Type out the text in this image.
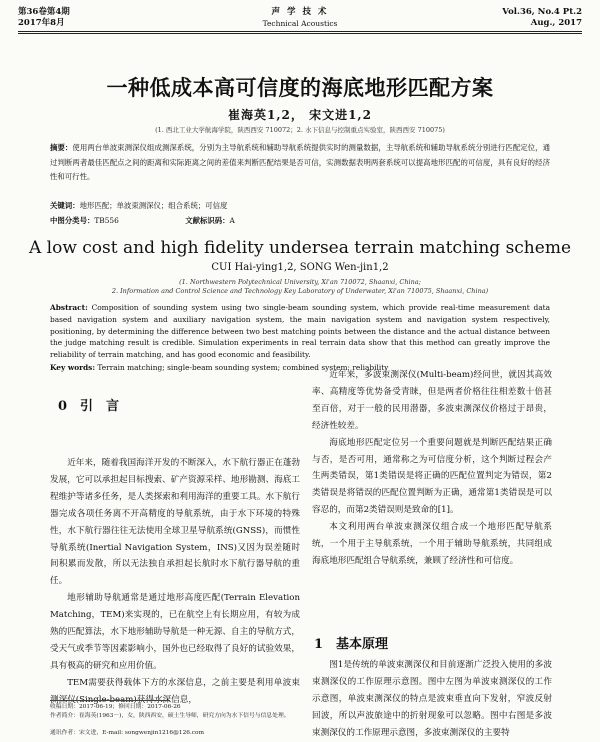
第36卷第4期
2017年8月
声 学 技 术
Technical Acoustics
Vol.36, No.4 Pt.2
Aug., 2017
一种低成本高可信度的海底地形匹配方案
崔海英1,2， 宋文进1,2
(1. 西北工业大学航海学院，陕西西安 710072；2. 水下信息与控制重点实验室，陕西西安 710075)
摘要：使用两台单波束测深仪组成测深系统，分别为主导航系统和辅助导航系统提供实时的测量数据，主导航系统和辅助导航系统分别进行匹配定位，通过判断两者最佳匹配点之间的距离和实际距离之间的差值来判断匹配结果是否可信，实测数据表明两套系统可以提高地形匹配的可信度，具有良好的经济性和可行性。
关键词：地形匹配；单波束测深仪；组合系统；可信度
中图分类号：TB556	文献标识码：A
A low cost and high fidelity undersea terrain matching scheme
CUI Hai-ying1,2, SONG Wen-jin1,2
(1. Northwestern Polytechnical University, Xi'an 710072, Shaanxi, China;
2. Information and Control Science and Technology Key Laboratory of Underwater, Xi'an 710075, Shaanxi, China)
Abstract: Composition of sounding system using two single-beam sounding system, which provide real-time measurement data based navigation system and auxiliary navigation system, the main navigation system and navigation system respectively, positioning, by determining the difference between two best matching points between the distance and the actual distance between the judge matching result is credible. Simulation experiments in real terrain data show that this method can greatly improve the reliability of terrain matching, and has good economic and feasibility.
Key words: Terrain matching; single-beam sounding system; combined system; reliability
0　引　言

近年来，随着我国海洋开发的不断深入，水下航行器正在蓬勃发展，它可以承担起目标搜索、矿产资源采样、地形勘测、海底工程维护等诸多任务，是人类探索和利用海洋的重要工具。水下航行器完成各项任务离不开高精度的导航系统，由于水下环境的特殊性，水下航行器往往无法使用全球卫星导航系统(GNSS)，而惯性导航系统(Inertial Navigation System，INS)又因为误差随时间积累而发散，所以无法独自承担起长航时水下航行器导航的重任。

地形辅助导航通常是通过地形高度匹配(Terrain Elevation Matching，TEM)来实现的，已在航空上有长期应用，有较为成熟的匹配算法，水下地形辅助导航是一种无源、自主的导航方式，受天气或季节等因素影响小，国外也已经取得了良好的试验效果，具有极高的研究和应用价值。

TEM需要获得载体下方的水深信息，之前主要是利用单波束测深仪(Single-beam)获得水深信息，

近年来，多波束测深仪(Multi-beam)经问世，就因其高效率、高精度等优势备受青睐，但是两者价格往往相差数十倍甚至百倍，对于一般的民用潜器，多波束测深仪价格过于昂贵，经济性较差。

海底地形匹配定位另一个重要问题就是判断匹配结果正确与否，是否可用，通常称之为可信度分析，这个判断过程会产生两类错误，第1类错误是将正确的匹配位置判定为错误，第2类错误是将错误的匹配位置判断为正确，通常第1类错误是可以容忍的，而第2类错误则是致命的[1]。

本文利用两台单波束测深仪组合成一个地形匹配导航系统，一个用于主导航系统，一个用于辅助导航系统，共同组成海底地形匹配组合导航系统，兼顾了经济性和可信度。

1　基本原理

图1是传统的单波束测深仪和目前逐渐广泛投入使用的多波束测深仪的工作原理示意图。图中左图为单波束测深仪的工作示意图，单波束测深仪的特点是波束垂直向下发射，窄波反射回波，所以声波旅途中的折射现象可以忽略。图中右图是多波束测深仪的工作原理示意图，多波束测深仪的主要特

收稿日期：2017-06-19；修回日期：2017-06-26
作者简介：崔海英(1963－)，女，陕西西安，硕士生导师，研究方向为水下信号与信息处理。
通讯作者：宋文进，E-mail: songwenjin1216@126.com
